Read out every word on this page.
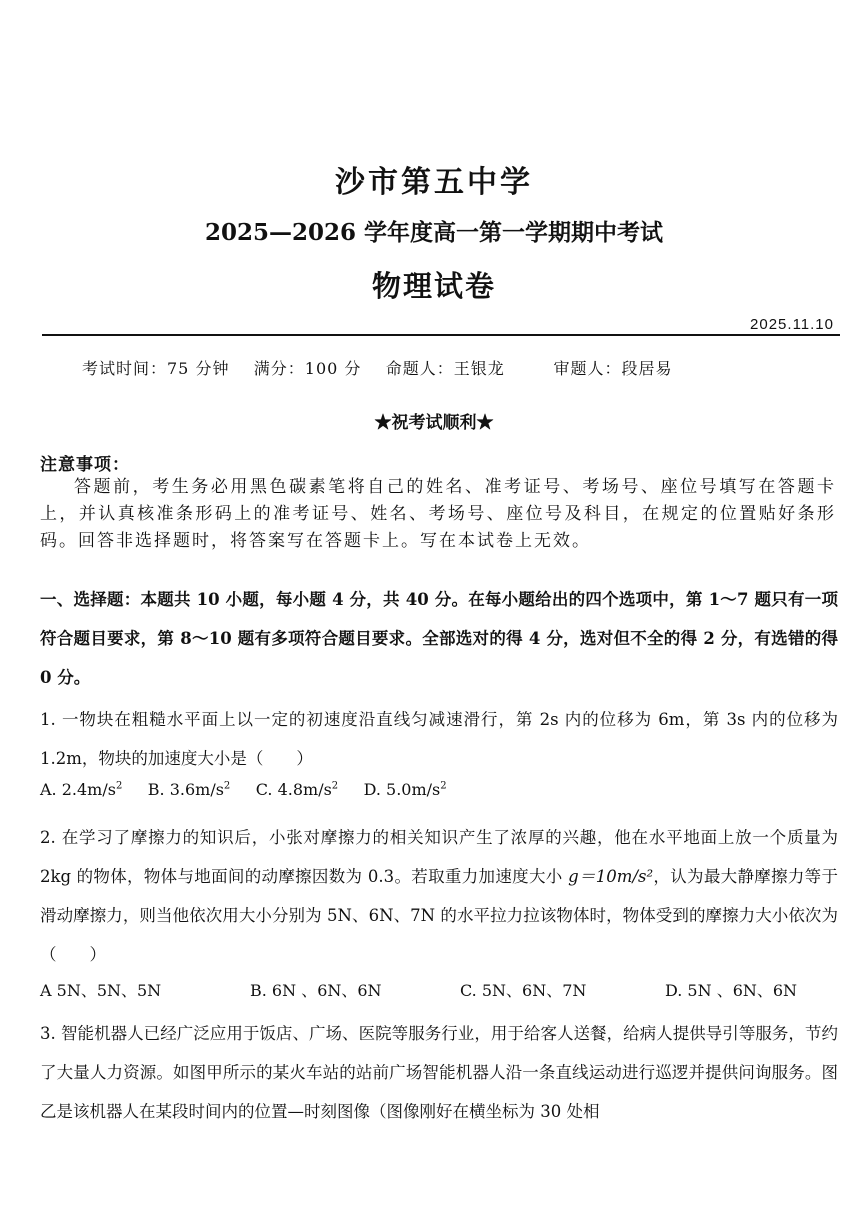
沙市第五中学
2025—2026 学年度高一第一学期期中考试
物理试卷
2025.11.10
考试时间：75 分钟 满分：100 分 命题人：王银龙	审题人：段居易
★祝考试顺利★
注意事项：
答题前，考生务必用黑色碳素笔将自己的姓名、准考证号、考场号、座位号填写在答题卡上，并认真核准条形码上的准考证号、姓名、考场号、座位号及科目，在规定的位置贴好条形码。回答非选择题时，将答案写在答题卡上。写在本试卷上无效。
一、选择题：本题共 10 小题，每小题 4 分，共 40 分。在每小题给出的四个选项中，第 1～7 题只有一项符合题目要求，第 8～10 题有多项符合题目要求。全部选对的得 4 分，选对但不全的得 2 分，有选错的得 0 分。
1. 一物块在粗糙水平面上以一定的初速度沿直线匀减速滑行，第 2s 内的位移为 6m，第 3s 内的位移为 1.2m，物块的加速度大小是（　　）
A. $2.4m/s^2$ B. $3.6m/s^2$ C. $4.8m/s^2$ D. $5.0m/s^2$
2. 在学习了摩擦力的知识后，小张对摩擦力的相关知识产生了浓厚的兴趣，他在水平地面上放一个质量为 2kg 的物体，物体与地面间的动摩擦因数为 0.3。若取重力加速度大小 g＝10m/s²，认为最大静摩擦力等于滑动摩擦力，则当他依次用大小分别为 5N、6N、7N 的水平拉力拉该物体时，物体受到的摩擦力大小依次为（　　）
A 5N、5N、5N	B. 6N 、6N、6N	C. 5N、6N、7N	D. 5N 、6N、6N
3. 智能机器人已经广泛应用于饭店、广场、医院等服务行业，用于给客人送餐，给病人提供导引等服务，节约了大量人力资源。如图甲所示的某火车站的站前广场智能机器人沿一条直线运动进行巡逻并提供问询服务。图乙是该机器人在某段时间内的位置—时刻图像（图像刚好在横坐标为 30 处相
